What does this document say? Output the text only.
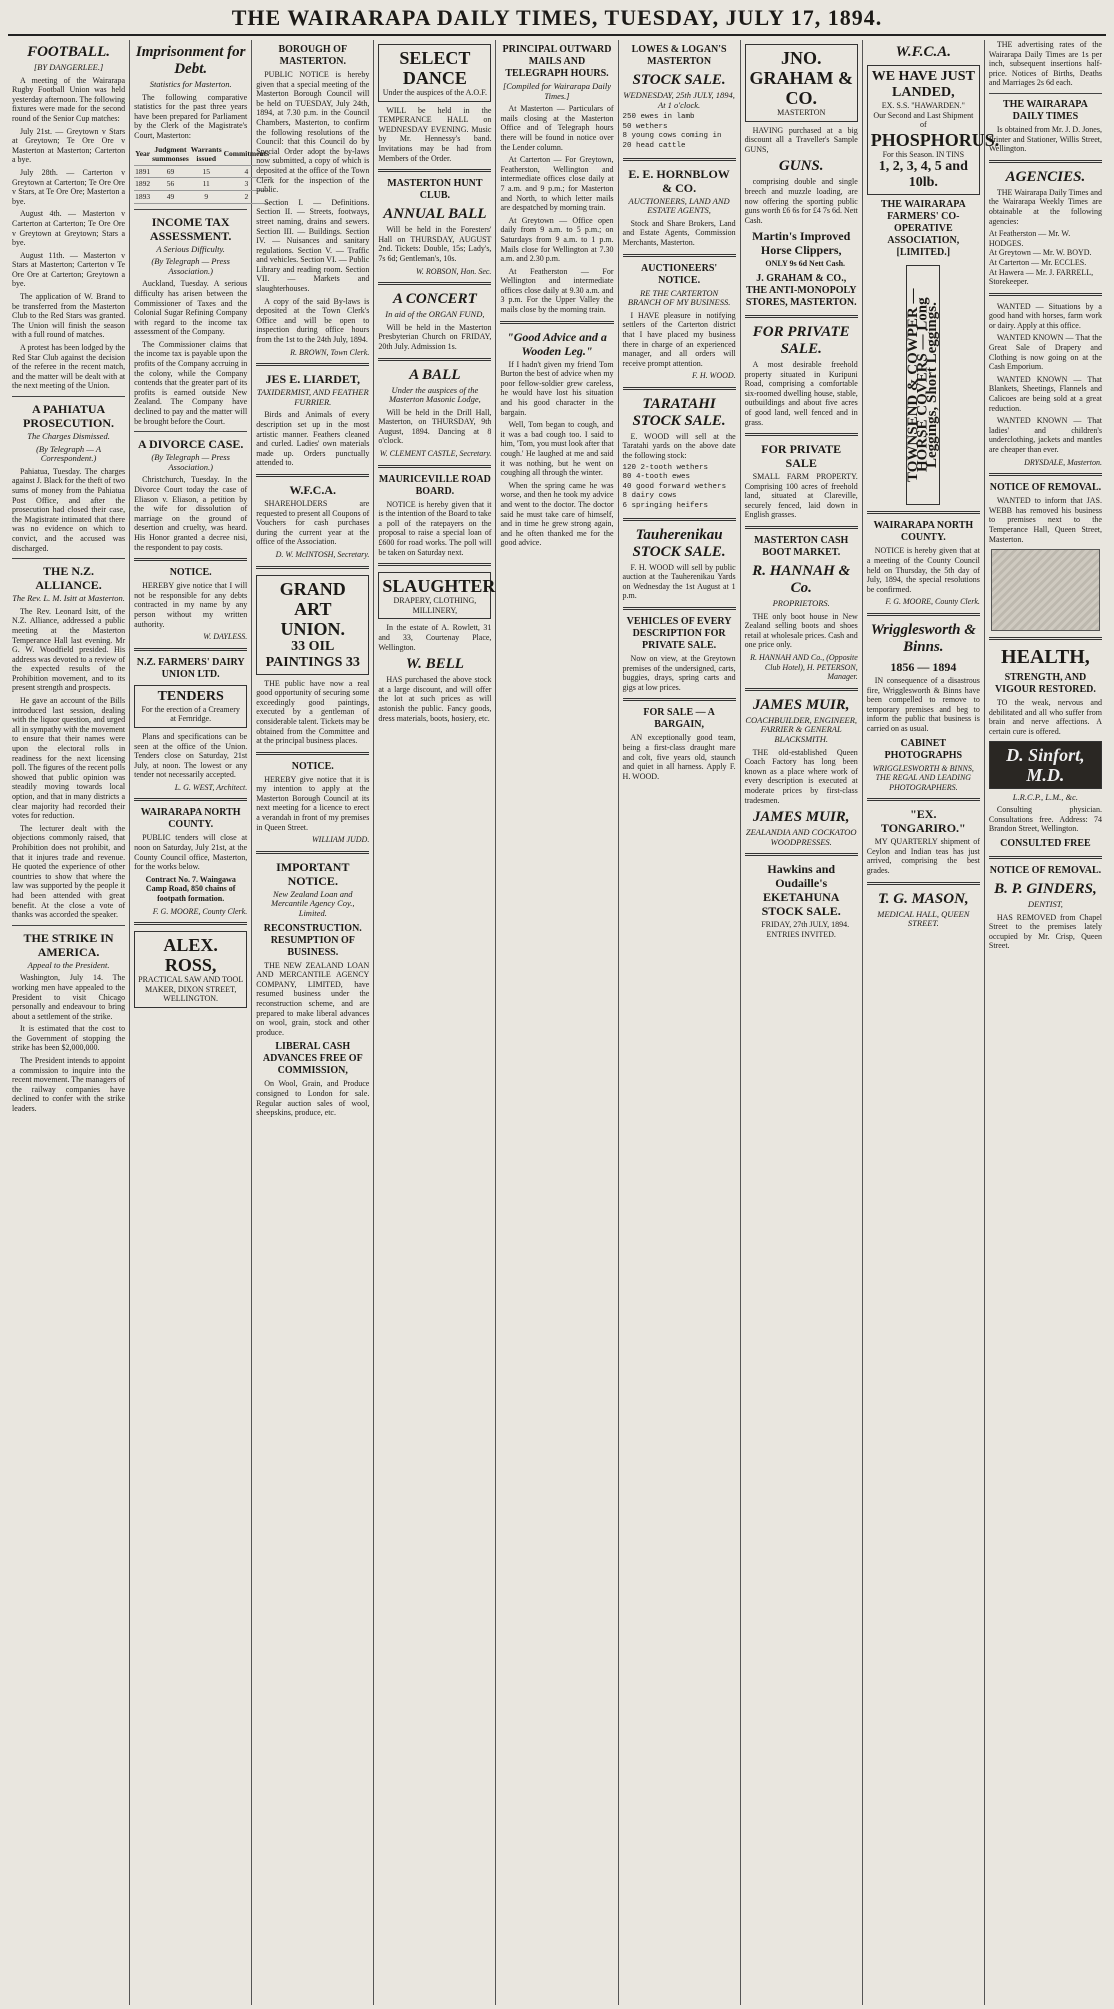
THE WAIRARAPA DAILY TIMES, TUESDAY, JULY 17, 1894.
FOOTBALL.
[BY DANGERLEE.]

A meeting of the Wairarapa Rugby Football Union was held yesterday afternoon. The following fixtures were made for the second round of the Senior Cup matches:

July 21st. — Greytown v Stars at Greytown; Te Ore Ore v Masterton at Masterton; Carterton a bye.

July 28th. — Carterton v Greytown at Carterton; Te Ore Ore v Stars, at Te Ore Ore; Masterton a bye.

August 4th. — Masterton v Carterton at Carterton; Te Ore Ore v Greytown at Greytown; Stars a bye.

August 11th. — Masterton v Stars at Masterton; Carterton v Te Ore Ore at Carterton; Greytown a bye.

The application of W. Brand to be transferred from the Masterton Club to the Red Stars was granted. The Union will finish the season with a full round of matches.

A protest has been lodged by the Red Star Club against the decision of the referee in the recent match, and the matter will be dealt with at the next meeting of the Union.

A PAHIATUA PROSECUTION.
The Charges Dismissed.
(By Telegraph — A Correspondent.)

Pahiatua, Tuesday. The charges against J. Black for the theft of two sums of money from the Pahiatua Post Office, and after the prosecution had closed their case, the Magistrate intimated that there was no evidence on which to convict, and the accused was discharged.

THE N.Z. ALLIANCE.
The Rev. L. M. Isitt at Masterton.

The Rev. Leonard Isitt, of the N.Z. Alliance, addressed a public meeting at the Masterton Temperance Hall last evening. Mr G. W. Woodfield presided. His address was devoted to a review of the expected results of the Prohibition movement, and to its present strength and prospects.

He gave an account of the Bills introduced last session, dealing with the liquor question, and urged all in sympathy with the movement to ensure that their names were upon the electoral rolls in readiness for the next licensing poll. The figures of the recent polls showed that public opinion was steadily moving towards local option, and that in many districts a clear majority had recorded their votes for reduction.

The lecturer dealt with the objections commonly raised, that Prohibition does not prohibit, and that it injures trade and revenue. He quoted the experience of other countries to show that where the law was supported by the people it had been attended with great benefit. At the close a vote of thanks was accorded the speaker.

THE STRIKE IN AMERICA.
Appeal to the President.

Washington, July 14. The working men have appealed to the President to visit Chicago personally and endeavour to bring about a settlement of the strike.

It is estimated that the cost to the Government of stopping the strike has been $2,000,000.

The President intends to appoint a commission to inquire into the recent movement. The managers of the railway companies have declined to confer with the strike leaders.

Imprisonment for Debt.
Statistics for Masterton.

The following comparative statistics for the past three years have been prepared for Parliament by the Clerk of the Magistrate's Court, Masterton:

Year	Judgment summonses	Warrants issued	Commitments
1891	69	15	4
1892	56	11	3
1893	49	9	2
INCOME TAX ASSESSMENT.
A Serious Difficulty.
(By Telegraph — Press Association.)

Auckland, Tuesday. A serious difficulty has arisen between the Commissioner of Taxes and the Colonial Sugar Refining Company with regard to the income tax assessment of the Company.

The Commissioner claims that the income tax is payable upon the profits of the Company accruing in the colony, while the Company contends that the greater part of its profits is earned outside New Zealand. The Company have declined to pay and the matter will be brought before the Court.

A DIVORCE CASE.
(By Telegraph — Press Association.)

Christchurch, Tuesday. In the Divorce Court today the case of Eliason v. Eliason, a petition by the wife for dissolution of marriage on the ground of desertion and cruelty, was heard. His Honor granted a decree nisi, the respondent to pay costs.

NOTICE.

HEREBY give notice that I will not be responsible for any debts contracted in my name by any person without my written authority.

W. DAYLESS.
N.Z. FARMERS' DAIRY UNION LTD.
TENDERS
For the erection of a Creamery at Fernridge.

Plans and specifications can be seen at the office of the Union. Tenders close on Saturday, 21st July, at noon. The lowest or any tender not necessarily accepted.

L. G. WEST, Architect.
WAIRARAPA NORTH COUNTY.

PUBLIC tenders will close at noon on Saturday, July 21st, at the County Council office, Masterton, for the works below.

Contract No. 7. Waingawa Camp Road, 850 chains of footpath formation.

F. G. MOORE, County Clerk.
ALEX. ROSS,
PRACTICAL SAW AND TOOL MAKER, DIXON STREET, WELLINGTON.
BOROUGH OF MASTERTON.

PUBLIC NOTICE is hereby given that a special meeting of the Masterton Borough Council will be held on TUESDAY, July 24th, 1894, at 7.30 p.m. in the Council Chambers, Masterton, to confirm the following resolutions of the Council: that this Council do by Special Order adopt the by-laws now submitted, a copy of which is deposited at the office of the Town Clerk for the inspection of the public.

Section I. — Definitions. Section II. — Streets, footways, street naming, drains and sewers. Section III. — Buildings. Section IV. — Nuisances and sanitary regulations. Section V. — Traffic and vehicles. Section VI. — Public Library and reading room. Section VII. — Markets and slaughterhouses.

A copy of the said By-laws is deposited at the Town Clerk's Office and will be open to inspection during office hours from the 1st to the 24th July, 1894.

R. BROWN, Town Clerk.
JES E. LIARDET,
TAXIDERMIST, AND FEATHER FURRIER.

Birds and Animals of every description set up in the most artistic manner. Feathers cleaned and curled. Ladies' own materials made up. Orders punctually attended to.

W.F.C.A.

SHAREHOLDERS are requested to present all Coupons of Vouchers for cash purchases during the current year at the office of the Association.

D. W. McINTOSH, Secretary.
GRAND ART UNION.
33 OIL PAINTINGS 33

THE public have now a real good opportunity of securing some exceedingly good paintings, executed by a gentleman of considerable talent. Tickets may be obtained from the Committee and at the principal business places.

NOTICE.

HEREBY give notice that it is my intention to apply at the Masterton Borough Council at its next meeting for a licence to erect a verandah in front of my premises in Queen Street.

WILLIAM JUDD.
IMPORTANT NOTICE.
New Zealand Loan and Mercantile Agency Coy., Limited.
RECONSTRUCTION. RESUMPTION OF BUSINESS.

THE NEW ZEALAND LOAN AND MERCANTILE AGENCY COMPANY, LIMITED, have resumed business under the reconstruction scheme, and are prepared to make liberal advances on wool, grain, stock and other produce.

LIBERAL CASH ADVANCES FREE OF COMMISSION,

On Wool, Grain, and Produce consigned to London for sale. Regular auction sales of wool, sheepskins, produce, etc.

SELECT DANCE
Under the auspices of the A.O.F.

WILL be held in the TEMPERANCE HALL on WEDNESDAY EVENING. Music by Mr. Hennessy's band. Invitations may be had from Members of the Order.

MASTERTON HUNT CLUB.
ANNUAL BALL

Will be held in the Foresters' Hall on THURSDAY, AUGUST 2nd. Tickets: Double, 15s; Lady's, 7s 6d; Gentleman's, 10s.

W. ROBSON, Hon. Sec.
A CONCERT
In aid of the ORGAN FUND,

Will be held in the Masterton Presbyterian Church on FRIDAY, 20th July. Admission 1s.

A BALL
Under the auspices of the Masterton Masonic Lodge,

Will be held in the Drill Hall, Masterton, on THURSDAY, 9th August, 1894. Dancing at 8 o'clock.

W. CLEMENT CASTLE, Secretary.
MAURICEVILLE ROAD BOARD.

NOTICE is hereby given that it is the intention of the Board to take a poll of the ratepayers on the proposal to raise a special loan of £600 for road works. The poll will be taken on Saturday next.

SLAUGHTER
DRAPERY, CLOTHING, MILLINERY,

In the estate of A. Rowlett, 31 and 33, Courtenay Place, Wellington.

W. BELL

HAS purchased the above stock at a large discount, and will offer the lot at such prices as will astonish the public. Fancy goods, dress materials, boots, hosiery, etc.

PRINCIPAL OUTWARD MAILS AND TELEGRAPH HOURS.
[Compiled for Wairarapa Daily Times.]

At Masterton — Particulars of mails closing at the Masterton Office and of Telegraph hours there will be found in notice over the Lender column.

At Carterton — For Greytown, Featherston, Wellington and intermediate offices close daily at 7 a.m. and 9 p.m.; for Masterton and North, to which letter mails are despatched by morning train.

At Greytown — Office open daily from 9 a.m. to 5 p.m.; on Saturdays from 9 a.m. to 1 p.m. Mails close for Wellington at 7.30 a.m. and 2.30 p.m.

At Featherston — For Wellington and intermediate offices close daily at 9.30 a.m. and 3 p.m. For the Upper Valley the mails close by the morning train.

"Good Advice and a Wooden Leg."

If I hadn't given my friend Tom Burton the best of advice when my poor fellow-soldier grew careless, he would have lost his situation and his good character in the bargain.

Well, Tom began to cough, and it was a bad cough too. I said to him, 'Tom, you must look after that cough.' He laughed at me and said it was nothing, but he went on coughing all through the winter.

When the spring came he was worse, and then he took my advice and went to the doctor. The doctor said he must take care of himself, and in time he grew strong again, and he often thanked me for the good advice.

LOWES & LOGAN'S MASTERTON
STOCK SALE.
WEDNESDAY, 25th JULY, 1894, At 1 o'clock.
250 ewes in lamb
50 wethers
8 young cows coming in
20 head cattle
E. E. HORNBLOW & CO.
AUCTIONEERS, LAND AND ESTATE AGENTS,

Stock and Share Brokers, Land and Estate Agents, Commission Merchants, Masterton.

AUCTIONEERS' NOTICE.
RE THE CARTERTON BRANCH OF MY BUSINESS.

I HAVE pleasure in notifying settlers of the Carterton district that I have placed my business there in charge of an experienced manager, and all orders will receive prompt attention.

F. H. WOOD.
TARATAHI STOCK SALE.

E. WOOD will sell at the Taratahi yards on the above date the following stock:

120 2-tooth wethers
80 4-tooth ewes
40 good forward wethers
8 dairy cows
6 springing heifers
Tauherenikau STOCK SALE.

F. H. WOOD will sell by public auction at the Tauherenikau Yards on Wednesday the 1st August at 1 p.m.

VEHICLES OF EVERY DESCRIPTION FOR PRIVATE SALE.

Now on view, at the Greytown premises of the undersigned, carts, buggies, drays, spring carts and gigs at low prices.

FOR SALE — A BARGAIN,

AN exceptionally good team, being a first-class draught mare and colt, five years old, staunch and quiet in all harness. Apply F. H. WOOD.

JNO. GRAHAM & CO.
MASTERTON

HAVING purchased at a big discount all a Traveller's Sample GUNS,

GUNS.

comprising double and single breech and muzzle loading, are now offering the sporting public guns worth £6 6s for £4 7s 6d. Nett Cash.

Martin's Improved Horse Clippers,

ONLY 9s 6d Nett Cash.

J. GRAHAM & CO., THE ANTI-MONOPOLY STORES, MASTERTON.
FOR PRIVATE SALE.

A most desirable freehold property situated in Kuripuni Road, comprising a comfortable six-roomed dwelling house, stable, outbuildings and about five acres of good land, well fenced and in grass.

FOR PRIVATE SALE

SMALL FARM PROPERTY. Comprising 100 acres of freehold land, situated at Clareville, securely fenced, laid down in English grasses.

MASTERTON CASH BOOT MARKET.
R. HANNAH & Co.
PROPRIETORS.

THE only boot house in New Zealand selling boots and shoes retail at wholesale prices. Cash and one price only.

R. HANNAH AND Co., (Opposite Club Hotel), H. PETERSON, Manager.
JAMES MUIR,
COACHBUILDER, ENGINEER, FARRIER & GENERAL BLACKSMITH.

THE old-established Queen Coach Factory has long been known as a place where work of every description is executed at moderate prices by first-class tradesmen.

JAMES MUIR,
ZEALANDIA AND COCKATOO WOODPRESSES.
Hawkins and Oudaille's EKETAHUNA STOCK SALE.

FRIDAY, 27th JULY, 1894. ENTRIES INVITED.

W.F.C.A.
WE HAVE JUST LANDED,
EX. S.S. "HAWARDEN."
Our Second and Last Shipment of
PHOSPHORUS.
For this Season. IN TINS
1, 2, 3, 4, 5 and 10lb.
THE WAIRARAPA FARMERS' CO-OPERATIVE ASSOCIATION, [LIMITED.]
TOWNSEND & COWPER — HORSE COVERS — Long Leggings, Short Leggings.
WAIRARAPA NORTH COUNTY.

NOTICE is hereby given that at a meeting of the County Council held on Thursday, the 5th day of July, 1894, the special resolutions be confirmed.

F. G. MOORE, County Clerk.
Wrigglesworth & Binns.
1856 — 1894

IN consequence of a disastrous fire, Wrigglesworth & Binns have been compelled to remove to temporary premises and beg to inform the public that business is carried on as usual.

CABINET PHOTOGRAPHS
WRIGGLESWORTH & BINNS, THE REGAL AND LEADING PHOTOGRAPHERS.
"EX. TONGARIRO."

MY QUARTERLY shipment of Ceylon and Indian teas has just arrived, comprising the best grades.

T. G. MASON,
MEDICAL HALL, QUEEN STREET.

THE advertising rates of the Wairarapa Daily Times are 1s per inch, subsequent insertions half-price. Notices of Births, Deaths and Marriages 2s 6d each.

THE WAIRARAPA DAILY TIMES

Is obtained from Mr. J. D. Jones, Printer and Stationer, Willis Street, Wellington.

AGENCIES.

THE Wairarapa Daily Times and the Wairarapa Weekly Times are obtainable at the following agencies:

At Featherston — Mr. W. HODGES.
At Greytown — Mr. W. BOYD.
At Carterton — Mr. ECCLES.
At Hawera — Mr. J. FARRELL, Storekeeper.

WANTED — Situations by a good hand with horses, farm work or dairy. Apply at this office.

WANTED KNOWN — That the Great Sale of Drapery and Clothing is now going on at the Cash Emporium.

WANTED KNOWN — That Blankets, Sheetings, Flannels and Calicoes are being sold at a great reduction.

WANTED KNOWN — That ladies' and children's underclothing, jackets and mantles are cheaper than ever.

DRYSDALE, Masterton.
NOTICE OF REMOVAL.

WANTED to inform that JAS. WEBB has removed his business to premises next to the Temperance Hall, Queen Street, Masterton.

HEALTH,
STRENGTH, AND VIGOUR RESTORED.

TO the weak, nervous and debilitated and all who suffer from brain and nerve affections. A certain cure is offered.

D. Sinfort, M.D.
L.R.C.P., L.M., &c.

Consulting physician. Consultations free. Address: 74 Brandon Street, Wellington.

CONSULTED FREE
NOTICE OF REMOVAL.
B. P. GINDERS,
DENTIST,

HAS REMOVED from Chapel Street to the premises lately occupied by Mr. Crisp, Queen Street.
